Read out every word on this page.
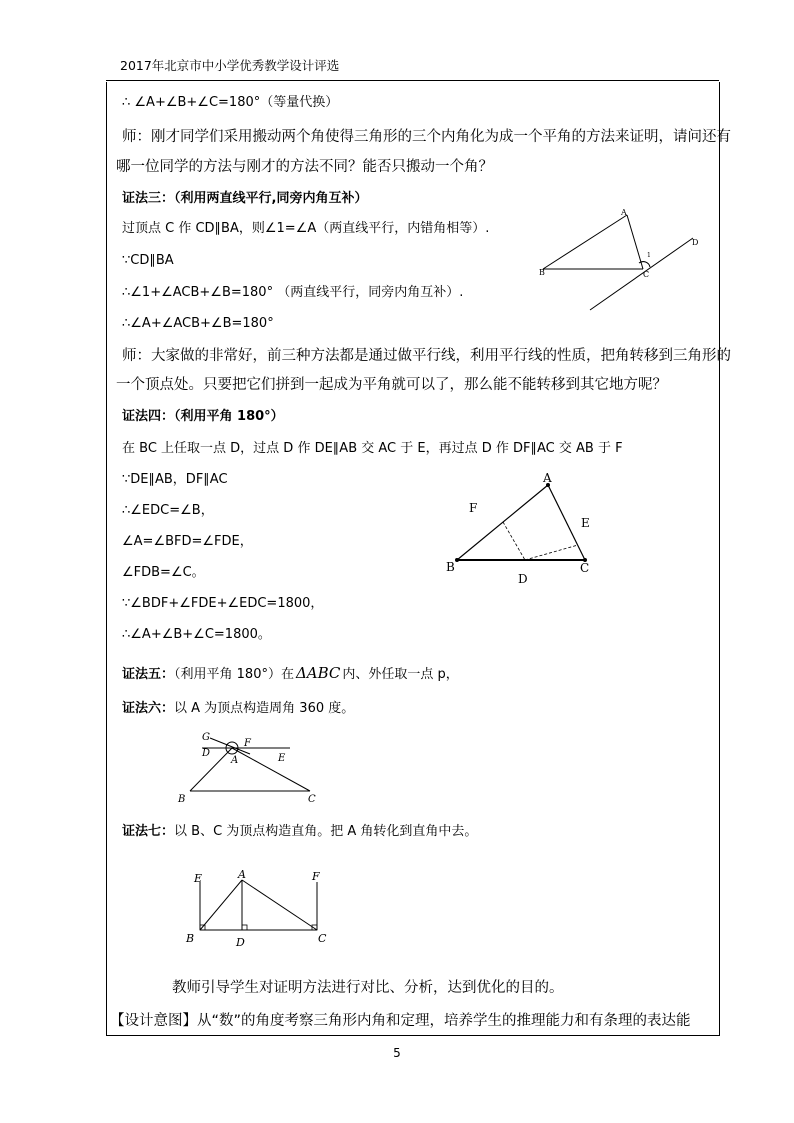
2017年北京市中小学优秀教学设计评选
∴ ∠A+∠B+∠C=180°（等量代换）
师：刚才同学们采用搬动两个角使得三角形的三个内角化为成一个平角的方法来证明，请问还有
哪一位同学的方法与刚才的方法不同？能否只搬动一个角？
证法三：（利用两直线平行,同旁内角互补）
过顶点 C 作 CD∥BA，则∠1=∠A（两直线平行，内错角相等）.
∵CD∥BA
∴∠1+∠ACB+∠B=180° （两直线平行，同旁内角互补）.
∴∠A+∠ACB+∠B=180°
A
B	C
D
1
师：大家做的非常好，前三种方法都是通过做平行线，利用平行线的性质，把角转移到三角形的
一个顶点处。只要把它们拼到一起成为平角就可以了，那么能不能转移到其它地方呢？
证法四：（利用平角 180°）
在 BC 上任取一点 D，过点 D 作 DE∥AB 交 AC 于 E，再过点 D 作 DF∥AC 交 AB 于 F
∵DE∥AB，DF∥AC
∴∠EDC=∠B，
∠A=∠BFD=∠FDE，
∠FDB=∠C。
∵∠BDF+∠FDE+∠EDC=1800，
∴∠A+∠B+∠C=1800。
A
B	C
D
E
F
证法五：（利用平角 180°）在 ΔABC 内、外任取一点 p，
证法六：以 A 为顶点构造周角 360 度。
G
F
D
A	E
B	C
证法七：以 B、C 为顶点构造直角。把 A 角转化到直角中去。
E	A	F
B	D	C
教师引导学生对证明方法进行对比、分析，达到优化的目的。
【设计意图】从“数”的角度考察三角形内角和定理，培养学生的推理能力和有条理的表达能
5
